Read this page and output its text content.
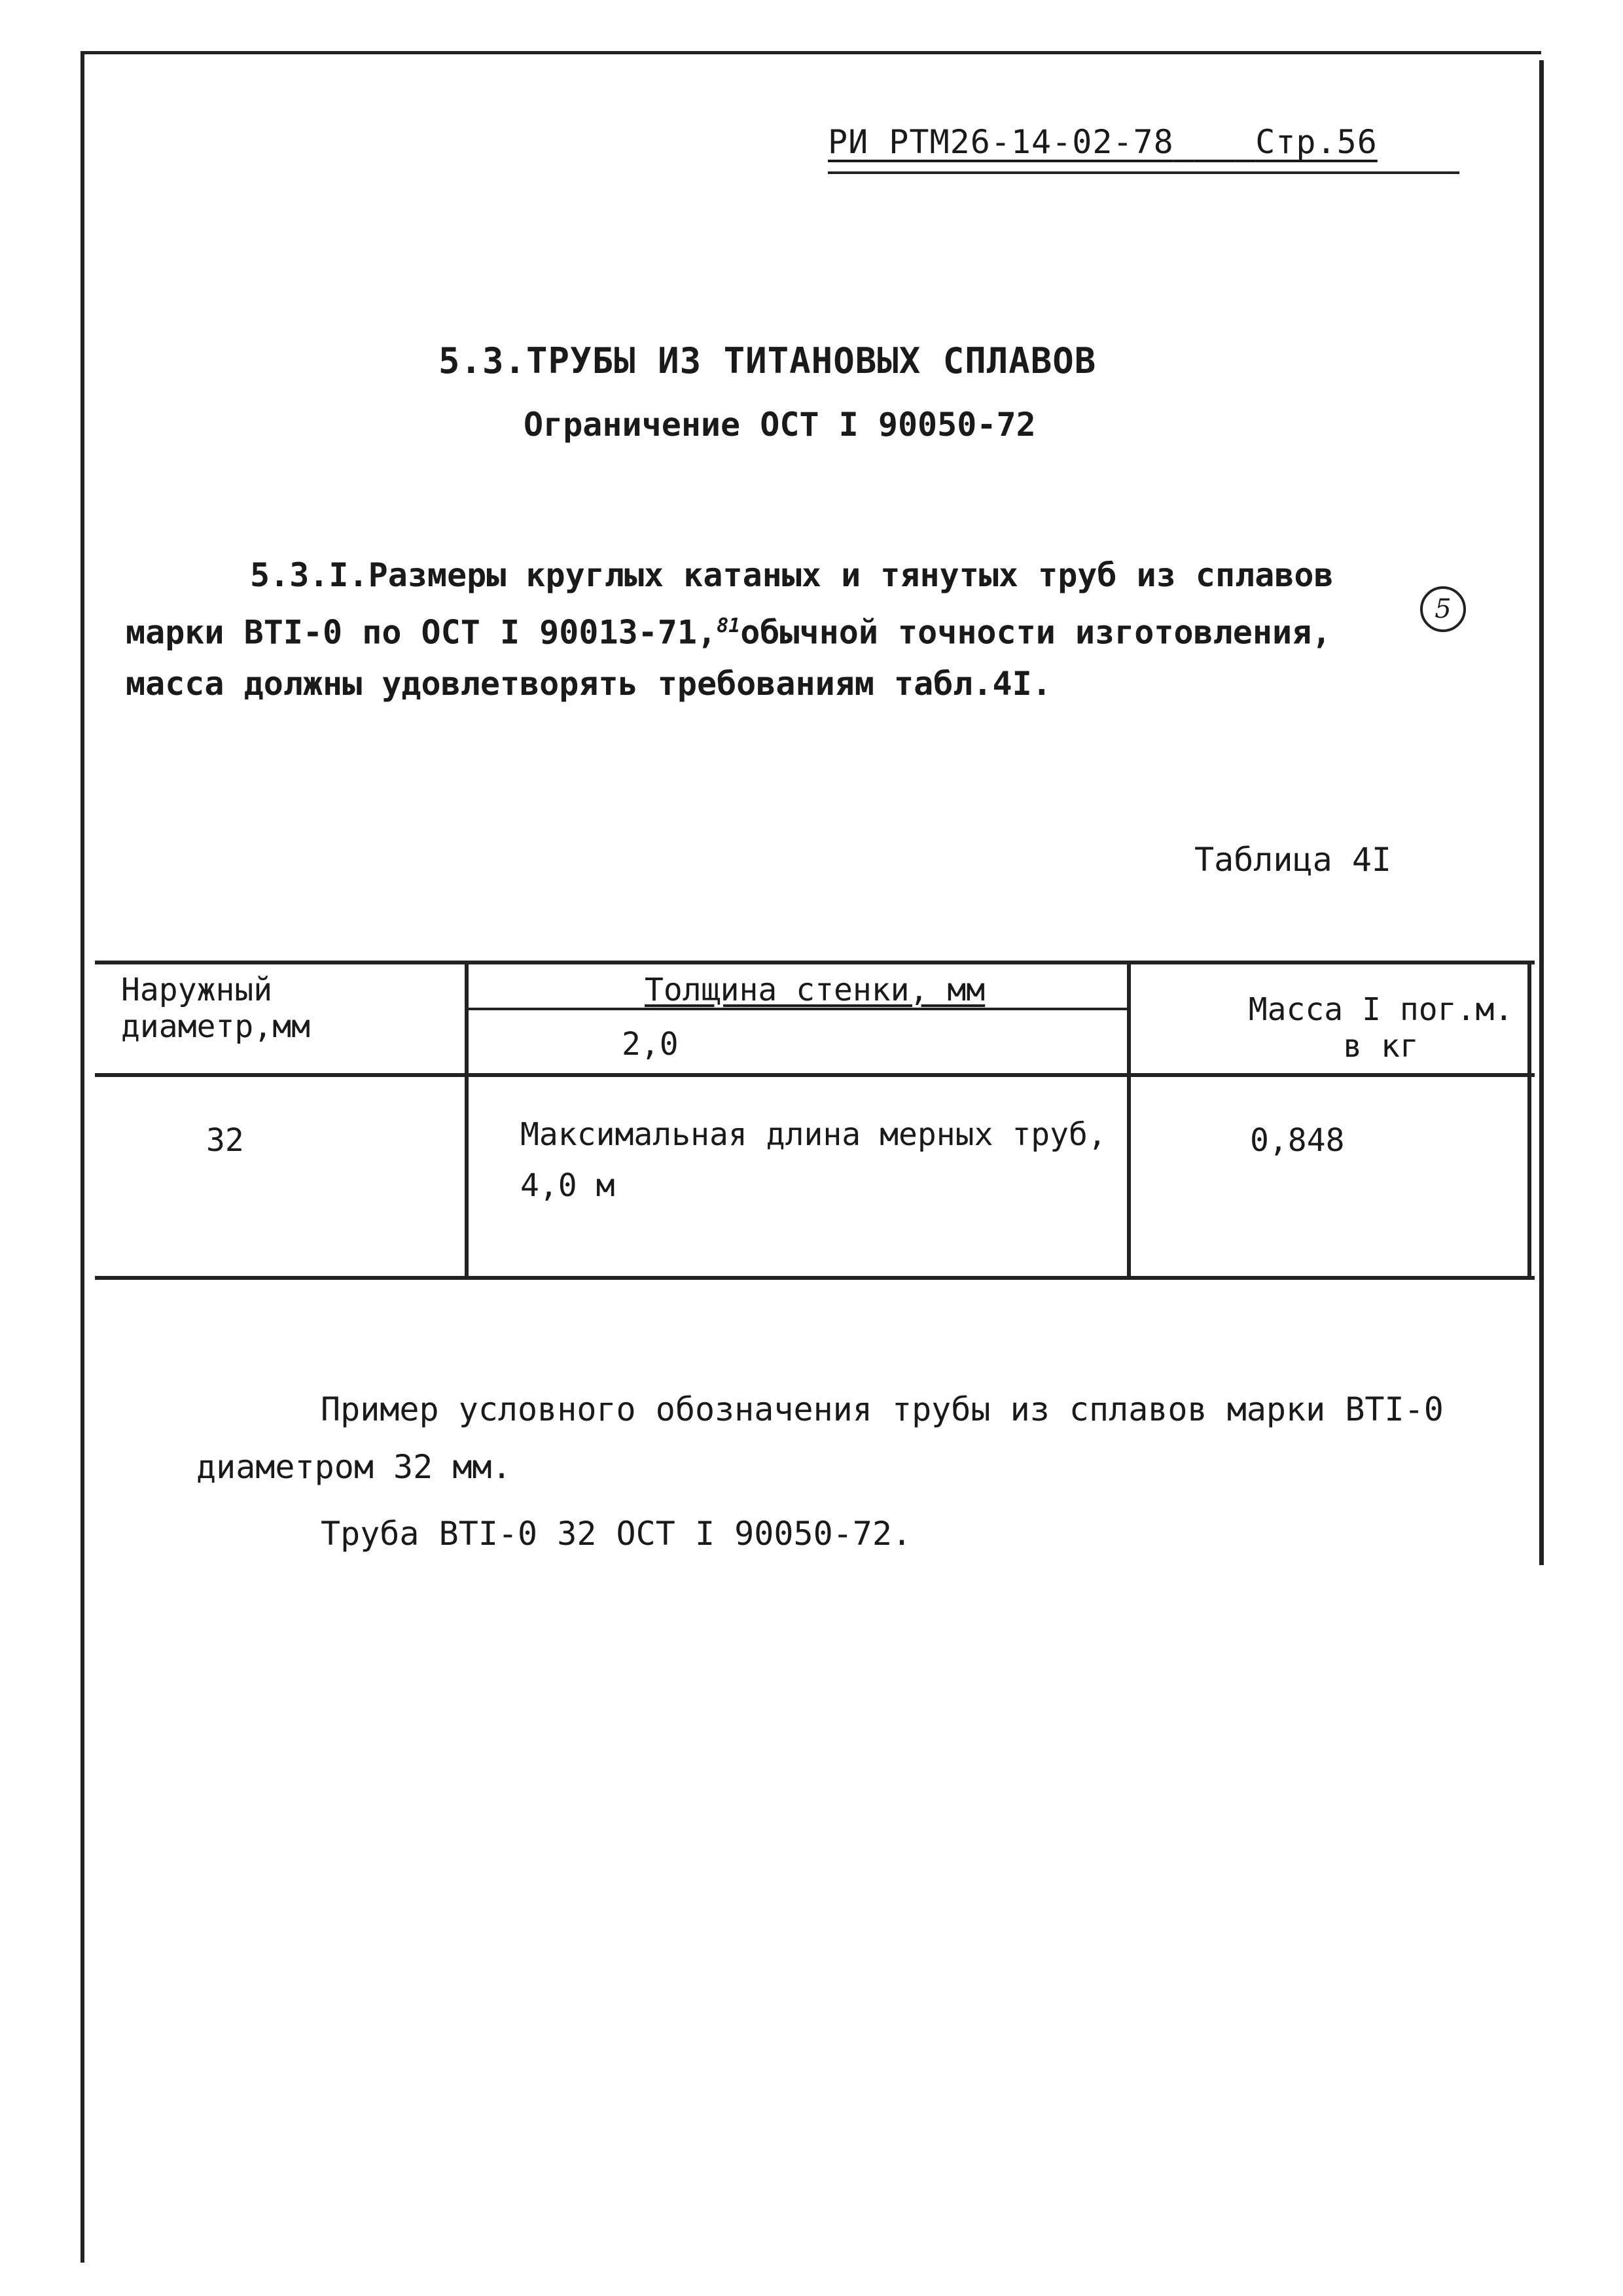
РИ РТМ26-14-02-78 Стр.56
5.3.ТРУБЫ ИЗ ТИТАНОВЫХ СПЛАВОВ
Ограничение ОСТ I 90050-72
5.3.I.Размеры круглых катаных и тянутых труб из сплавов
марки ВТI-0 по ОСТ I 90013-71,81обычной точности изготовления,
масса должны удовлетворять требованиям табл.4I.
5
Таблица 4I
Наружный диаметр,мм
Толщина стенки, мм
2,0
Масса I пог.м. в кг
32	Максимальная длина мерных труб, 4,0 м
0,848
Пример условного обозначения трубы из сплавов марки ВТI-0
диаметром 32 мм.
Труба ВТI-0 32 ОСТ I 90050-72.
